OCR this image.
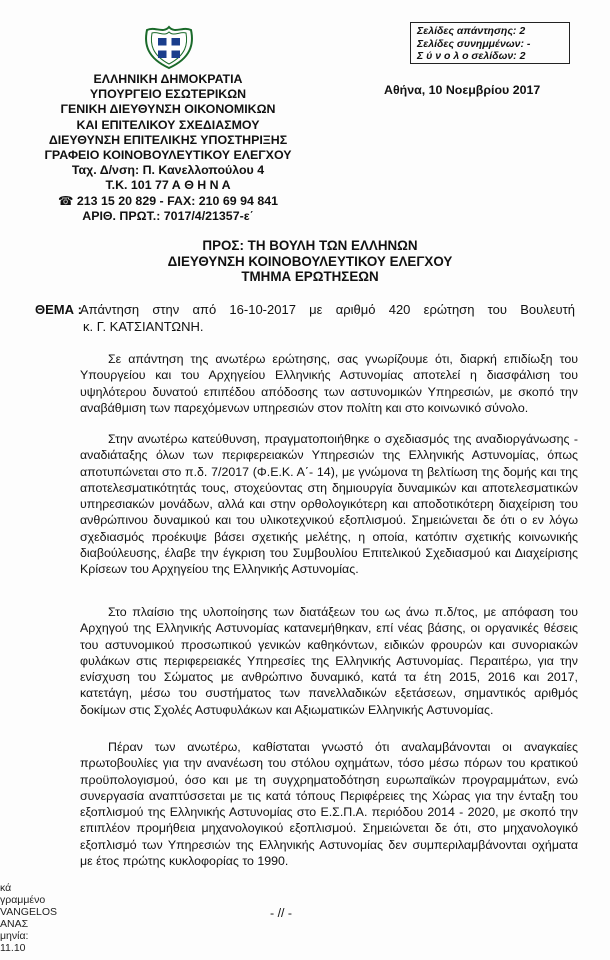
Σελίδες απάντησης: 2
Σελίδες συνημμένων: -
Σ ύ ν ο λ ο σελίδων: 2
ΕΛΛΗΝΙΚΗ ΔΗΜΟΚΡΑΤΙΑ
ΥΠΟΥΡΓΕΙΟ ΕΣΩΤΕΡΙΚΩΝ
ΓΕΝΙΚΗ ΔΙΕΥΘΥΝΣΗ ΟΙΚΟΝΟΜΙΚΩΝ
ΚΑΙ ΕΠΙΤΕΛΙΚΟΥ ΣΧΕΔΙΑΣΜΟΥ
ΔΙΕΥΘΥΝΣΗ ΕΠΙΤΕΛΙΚΗΣ ΥΠΟΣΤΗΡΙΞΗΣ
ΓΡΑΦΕΙΟ ΚΟΙΝΟΒΟΥΛΕΥΤΙΚΟΥ ΕΛΕΓΧΟΥ
Ταχ. Δ/νση: Π. Κανελλοπούλου 4
Τ.Κ. 101 77 Α Θ Η Ν Α
☎ 213 15 20 829 - FAX: 210 69 94 841
ΑΡΙΘ. ΠΡΩΤ.: 7017/4/21357-ε΄
Αθήνα, 10 Νοεμβρίου 2017
ΠΡΟΣ: ΤΗ ΒΟΥΛΗ ΤΩΝ ΕΛΛΗΝΩΝ
ΔΙΕΥΘΥΝΣΗ ΚΟΙΝΟΒΟΥΛΕΥΤΙΚΟΥ ΕΛΕΓΧΟΥ
ΤΜΗΜΑ ΕΡΩΤΗΣΕΩΝ
ΘΕΜΑ :
Απάντηση στην από 16-10-2017 με αριθμό 420 ερώτηση του Βουλευτή
κ. Γ. ΚΑΤΣΙΑΝΤΩΝΗ.
Σε απάντηση της ανωτέρω ερώτησης, σας γνωρίζουμε ότι, διαρκή επιδίωξη του Υπουργείου και του Αρχηγείου Ελληνικής Αστυνομίας αποτελεί η διασφάλιση του υψηλότερου δυνατού επιπέδου απόδοσης των αστυνομικών Υπηρεσιών, με σκοπό την αναβάθμιση των παρεχόμενων υπηρεσιών στον πολίτη και στο κοινωνικό σύνολο.
Στην ανωτέρω κατεύθυνση, πραγματοποιήθηκε ο σχεδιασμός της αναδιοργάνωσης - αναδιάταξης όλων των περιφερειακών Υπηρεσιών της Ελληνικής Αστυνομίας, όπως αποτυπώνεται στο π.δ. 7/2017 (Φ.Ε.Κ. Α΄- 14), με γνώμονα τη βελτίωση της δομής και της αποτελεσματικότητάς τους, στοχεύοντας στη δημιουργία δυναμικών και αποτελεσματικών υπηρεσιακών μονάδων, αλλά και στην ορθολογικότερη και αποδοτικότερη διαχείριση του ανθρώπινου δυναμικού και του υλικοτεχνικού εξοπλισμού. Σημειώνεται δε ότι ο εν λόγω σχεδιασμός προέκυψε βάσει σχετικής μελέτης, η οποία, κατόπιν σχετικής κοινωνικής διαβούλευσης, έλαβε την έγκριση του Συμβουλίου Επιτελικού Σχεδιασμού και Διαχείρισης Κρίσεων του Αρχηγείου της Ελληνικής Αστυνομίας.
Στο πλαίσιο της υλοποίησης των διατάξεων του ως άνω π.δ/τος, με απόφαση του Αρχηγού της Ελληνικής Αστυνομίας κατανεμήθηκαν, επί νέας βάσης, οι οργανικές θέσεις του αστυνομικού προσωπικού γενικών καθηκόντων, ειδικών φρουρών και συνοριακών φυλάκων στις περιφερειακές Υπηρεσίες της Ελληνικής Αστυνομίας. Περαιτέρω, για την ενίσχυση του Σώματος με ανθρώπινο δυναμικό, κατά τα έτη 2015, 2016 και 2017, κατετάγη, μέσω του συστήματος των πανελλαδικών εξετάσεων, σημαντικός αριθμός δοκίμων στις Σχολές Αστυφυλάκων και Αξιωματικών Ελληνικής Αστυνομίας.
Πέραν των ανωτέρω, καθίσταται γνωστό ότι αναλαμβάνονται οι αναγκαίες πρωτοβουλίες για την ανανέωση του στόλου οχημάτων, τόσο μέσω πόρων του κρατικού προϋπολογισμού, όσο και με τη συγχρηματοδότηση ευρωπαϊκών προγραμμάτων, ενώ συνεργασία αναπτύσσεται με τις κατά τόπους Περιφέρειες της Χώρας για την ένταξη του εξοπλισμού της Ελληνικής Αστυνομίας στο Ε.Σ.Π.Α. περιόδου 2014 - 2020, με σκοπό την επιπλέον προμήθεια μηχανολογικού εξοπλισμού. Σημειώνεται δε ότι, στο μηχανολογικό εξοπλισμό των Υπηρεσιών της Ελληνικής Αστυνομίας δεν συμπεριλαμβάνονται οχήματα με έτος πρώτης κυκλοφορίας το 1990.
- // -
κά
γραμμένο
VANGELOS
ΑΝΑΣ
μηνία:
11.10
